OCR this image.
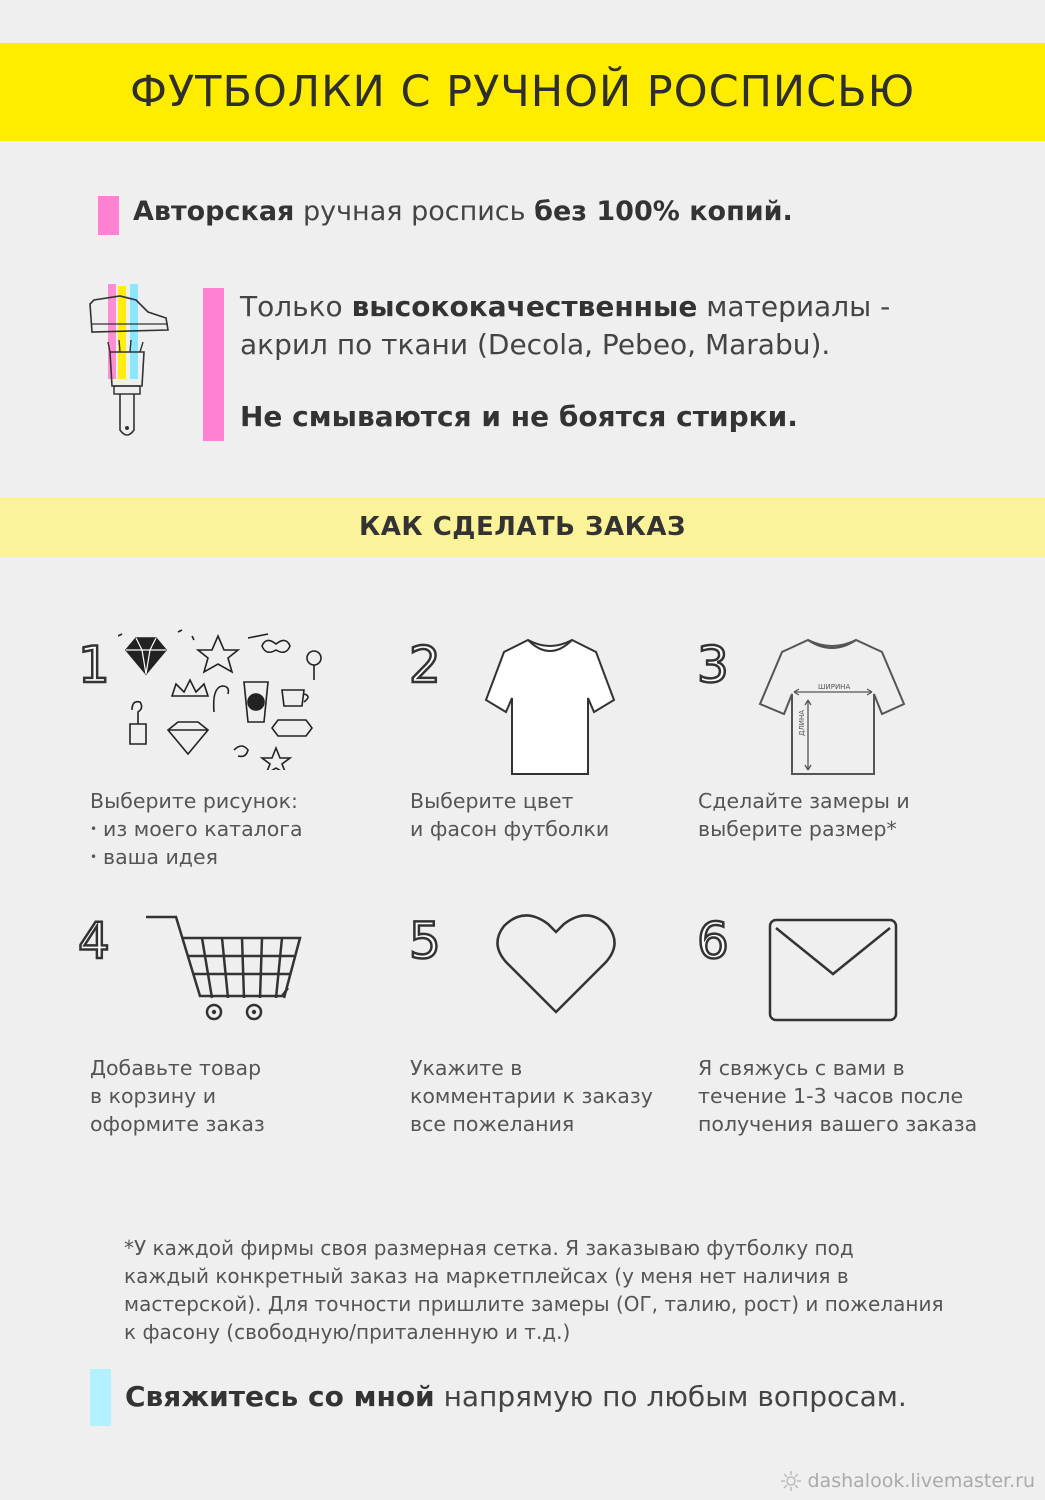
ФУТБОЛКИ С РУЧНОЙ РОСПИСЬЮ
Авторская ручная роспись без 100% копий.

Только высококачественные материалы -

акрил по ткани (Decola, Pebeo, Marabu).

Не смываются и не боятся стирки.

КАК СДЕЛАТЬ ЗАКАЗ
1
Выберите рисунок:
• из моего каталога
• ваша идея
2
Выберите цвет
и фасон футболки
3	ШИРИНА
ДЛИНА
Сделайте замеры и
выберите размер*
4
Добавьте товар
в корзину и
оформите заказ
5
Укажите в
комментарии к заказу
все пожелания
6
Я свяжусь с вами в
течение 1-3 часов после
получения вашего заказа
*У каждой фирмы своя размерная сетка. Я заказываю футболку под каждый конкретный заказ на маркетплейсах (у меня нет наличия в мастерской). Для точности пришлите замеры (ОГ, талию, рост) и пожелания к фасону (свободную/приталенную и т.д.)
Свяжитесь со мной напрямую по любым вопросам.
dashalook.livemaster.ru
